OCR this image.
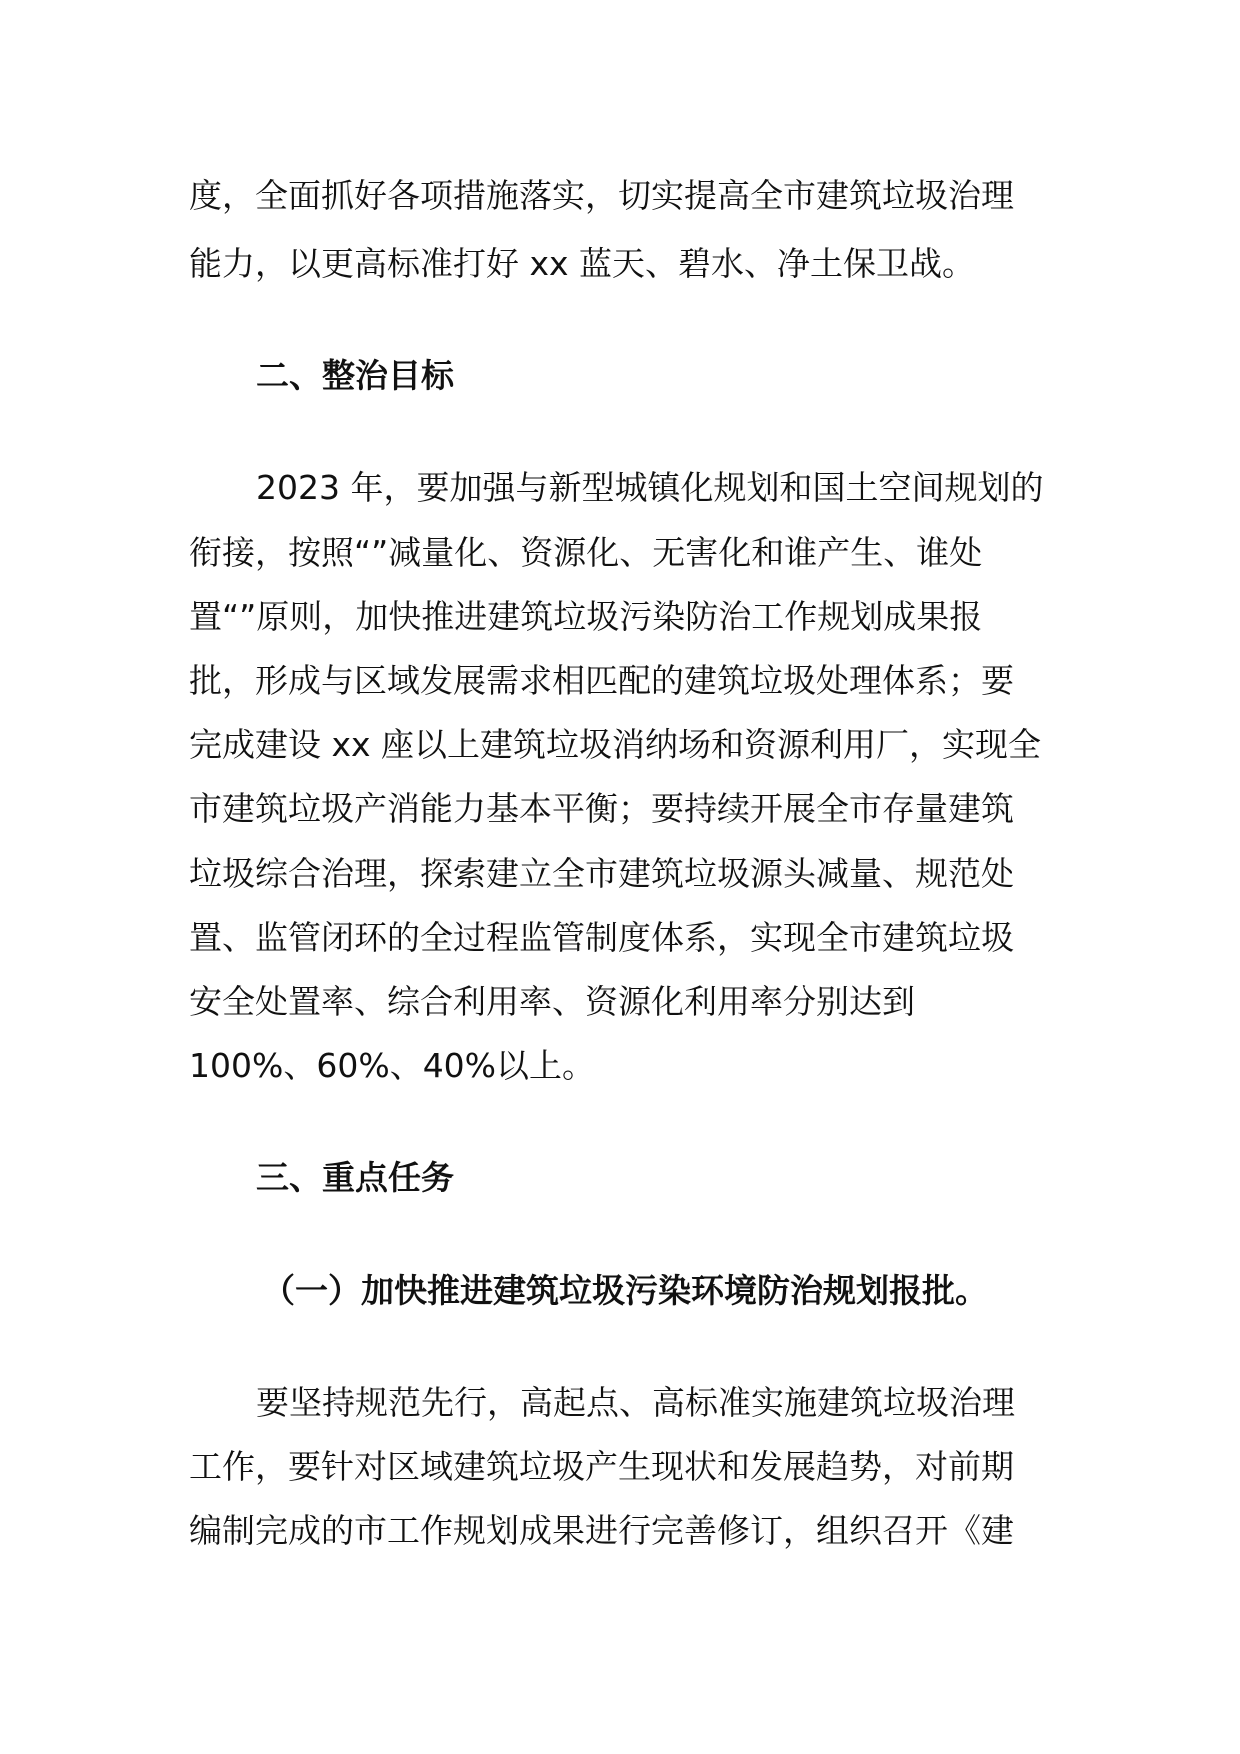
度，全面抓好各项措施落实，切实提高全市建筑垃圾治理

能力，以更高标准打好 xx 蓝天、碧水、净土保卫战。

二、整治目标

2023 年，要加强与新型城镇化规划和国土空间规划的

衔接，按照“”减量化、资源化、无害化和谁产生、谁处

置“”原则，加快推进建筑垃圾污染防治工作规划成果报

批，形成与区域发展需求相匹配的建筑垃圾处理体系；要

完成建设 xx 座以上建筑垃圾消纳场和资源利用厂，实现全

市建筑垃圾产消能力基本平衡；要持续开展全市存量建筑

垃圾综合治理，探索建立全市建筑垃圾源头减量、规范处

置、监管闭环的全过程监管制度体系，实现全市建筑垃圾

安全处置率、综合利用率、资源化利用率分别达到

100%、60%、40%以上。

三、重点任务
（一）加快推进建筑垃圾污染环境防治规划报批。

要坚持规范先行，高起点、高标准实施建筑垃圾治理

工作，要针对区域建筑垃圾产生现状和发展趋势，对前期

编制完成的市工作规划成果进行完善修订，组织召开《建
